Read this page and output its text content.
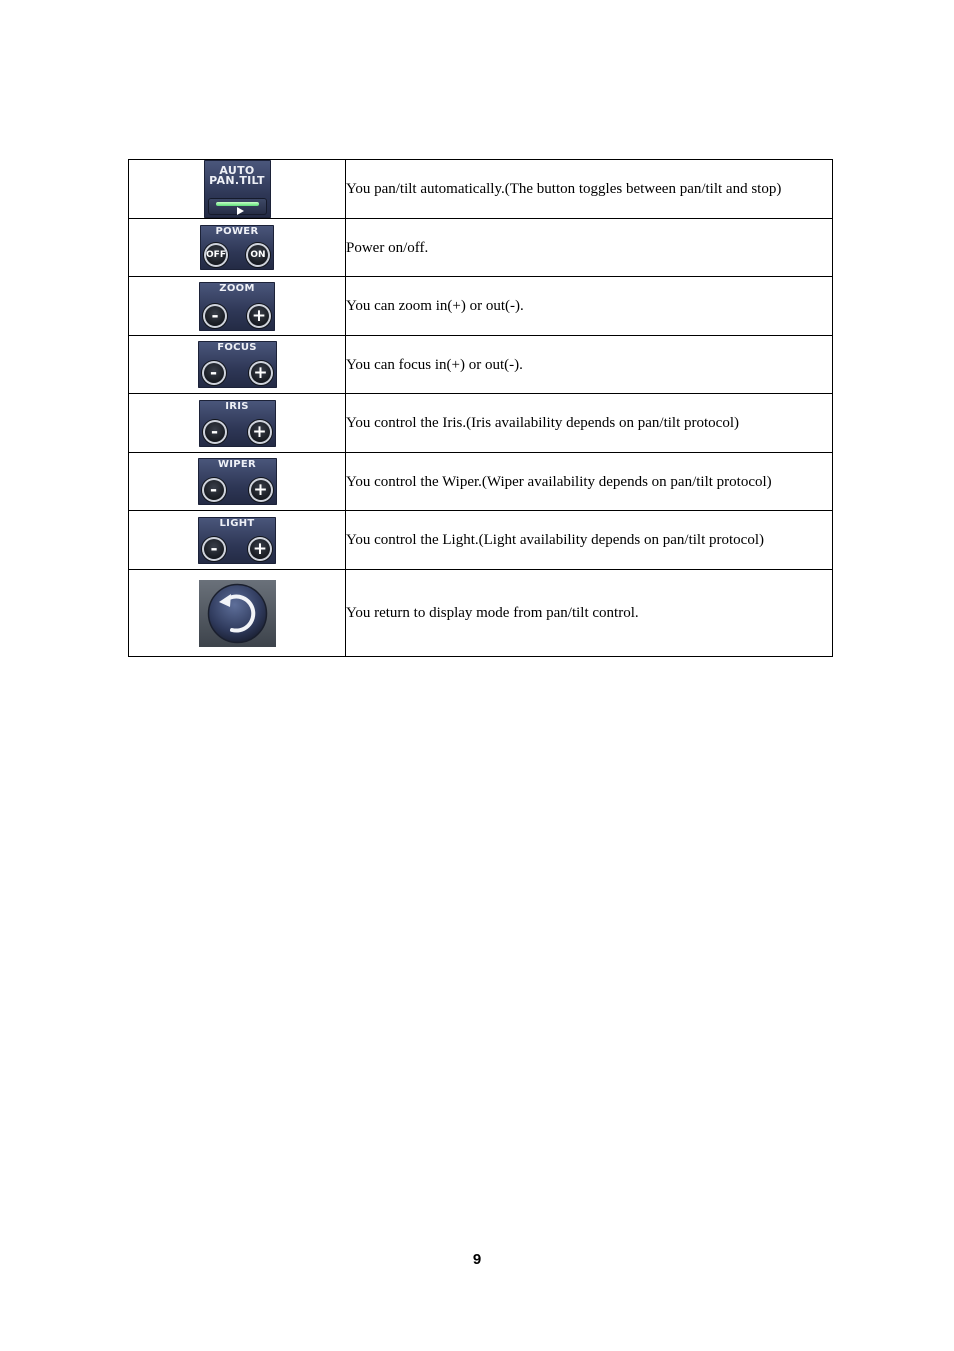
AUTO
PAN.TILT	You pan/tilt automatically.(The button toggles between pan/tilt and stop)

POWER
OFF ON	Power on/off.

ZOOM
- +	You can zoom in(+) or out(-).

FOCUS
- +	You can focus in(+) or out(-).

IRIS
- +	You control the Iris.(Iris availability depends on pan/tilt protocol)

WIPER
- +	You control the Wiper.(Wiper availability depends on pan/tilt protocol)

LIGHT
- +	You control the Light.(Light availability depends on pan/tilt protocol)

	You return to display mode from pan/tilt control.
9
